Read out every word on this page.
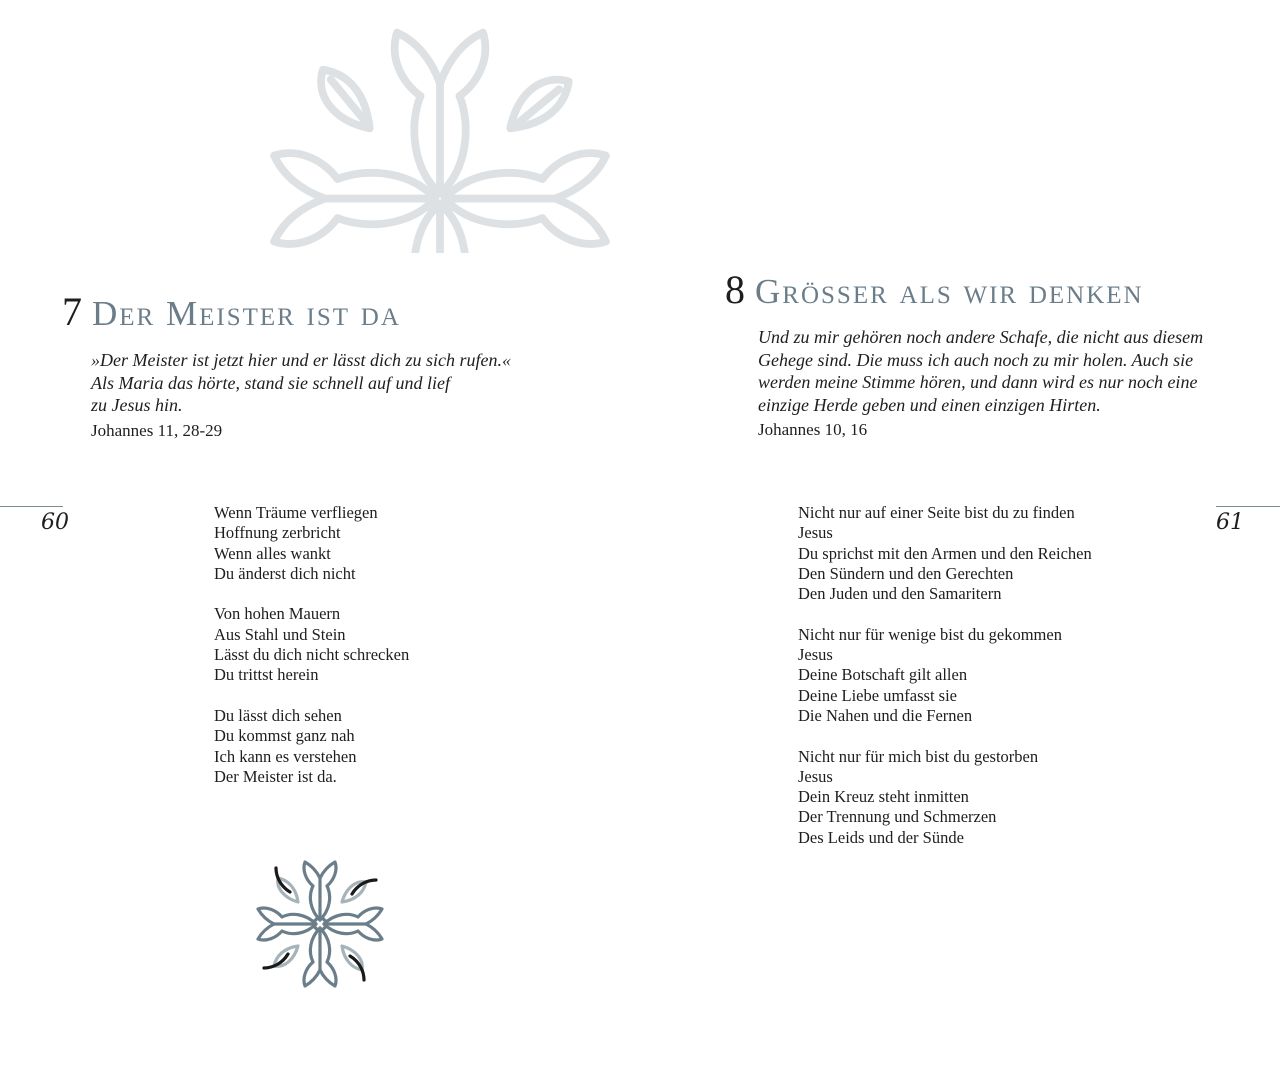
7 Der Meister ist da
»Der Meister ist jetzt hier und er lässt dich zu sich rufen.«
Als Maria das hörte, stand sie schnell auf und lief
zu Jesus hin.
Johannes 11, 28-29
60	Wenn Träume verfliegen
Hoffnung zerbricht
Wenn alles wankt
Du änderst dich nicht
Von hohen Mauern
Aus Stahl und Stein
Lässt du dich nicht schrecken
Du trittst herein
Du lässt dich sehen
Du kommst ganz nah
Ich kann es verstehen
Der Meister ist da.
8 Grösser als wir denken
Und zu mir gehören noch andere Schafe, die nicht aus diesem
Gehege sind. Die muss ich auch noch zu mir holen. Auch sie
werden meine Stimme hören, und dann wird es nur noch eine
einzige Herde geben und einen einzigen Hirten.
Johannes 10, 16
61
Nicht nur auf einer Seite bist du zu finden
Jesus
Du sprichst mit den Armen und den Reichen
Den Sündern und den Gerechten
Den Juden und den Samaritern
Nicht nur für wenige bist du gekommen
Jesus
Deine Botschaft gilt allen
Deine Liebe umfasst sie
Die Nahen und die Fernen
Nicht nur für mich bist du gestorben
Jesus
Dein Kreuz steht inmitten
Der Trennung und Schmerzen
Des Leids und der Sünde
